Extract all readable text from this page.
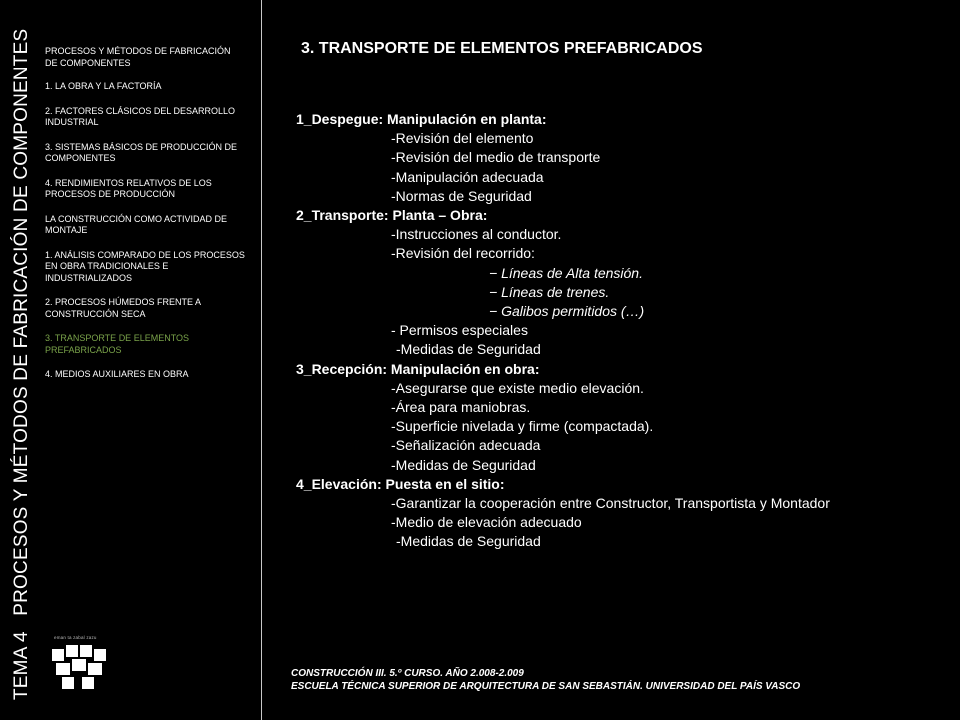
TEMA 4 PROCESOS Y MÉTODOS DE FABRICACIÓN DE COMPONENTES	PROCESOS Y MÉTODOS DE FABRICACIÓN
DE COMPONENTES
1. LA OBRA Y LA FACTORÍA
2. FACTORES CLÁSICOS DEL DESARROLLO INDUSTRIAL
3. SISTEMAS BÁSICOS DE PRODUCCIÓN DE COMPONENTES
4. RENDIMIENTOS RELATIVOS DE LOS PROCESOS DE PRODUCCIÓN
LA CONSTRUCCIÓN COMO ACTIVIDAD DE MONTAJE
1. ANÁLISIS COMPARADO DE LOS PROCESOS EN OBRA TRADICIONALES E INDUSTRIALIZADOS
2. PROCESOS HÚMEDOS FRENTE A CONSTRUCCIÓN SECA
3. TRANSPORTE DE ELEMENTOS PREFABRICADOS
4. MEDIOS AUXILIARES EN OBRA
eman ta zabal zazu
3. TRANSPORTE DE ELEMENTOS PREFABRICADOS
1_Despegue: Manipulación en planta:
-Revisión del elemento
-Revisión del medio de transporte
-Manipulación adecuada
-Normas de Seguridad
2_Transporte: Planta – Obra:
-Instrucciones al conductor.
-Revisión del recorrido:
− Líneas de Alta tensión.
− Líneas de trenes.
− Galibos permitidos (…)
- Permisos especiales
-Medidas de Seguridad
3_Recepción: Manipulación en obra:
-Asegurarse que existe medio elevación.
-Área para maniobras.
-Superficie nivelada y firme (compactada).
-Señalización adecuada
-Medidas de Seguridad
4_Elevación: Puesta en el sitio:
-Garantizar la cooperación entre Constructor, Transportista y Montador
-Medio de elevación adecuado
-Medidas de Seguridad
CONSTRUCCIÓN III. 5.º CURSO. AÑO 2.008-2.009
ESCUELA TÉCNICA SUPERIOR DE ARQUITECTURA DE SAN SEBASTIÁN. UNIVERSIDAD DEL PAÍS VASCO
